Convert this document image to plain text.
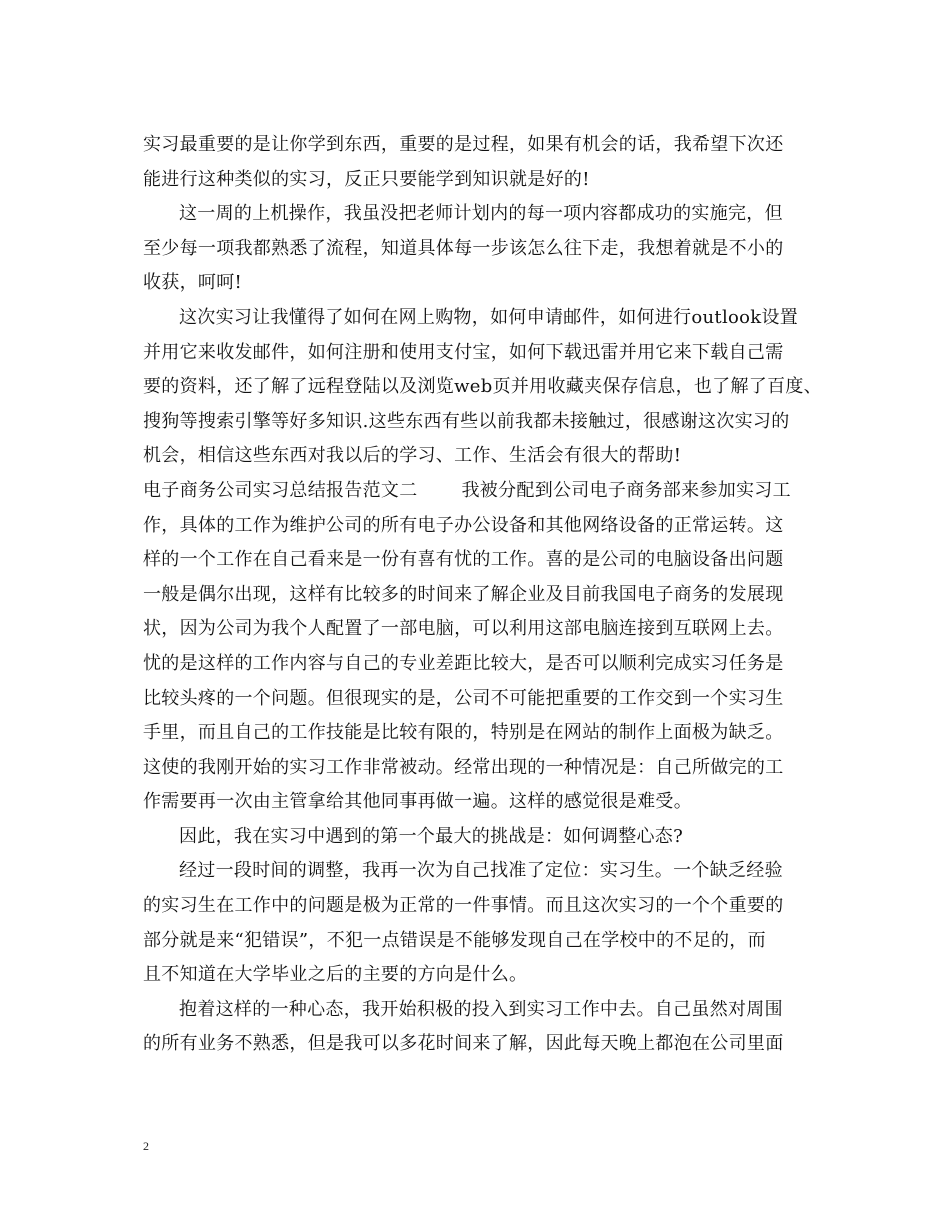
实习最重要的是让你学到东西，重要的是过程，如果有机会的话，我希望下次还
能进行这种类似的实习，反正只要能学到知识就是好的!
这一周的上机操作，我虽没把老师计划内的每一项内容都成功的实施完，但
至少每一项我都熟悉了流程，知道具体每一步该怎么往下走，我想着就是不小的
收获，呵呵!
这次实习让我懂得了如何在网上购物，如何申请邮件，如何进行outlook设置
并用它来收发邮件，如何注册和使用支付宝，如何下载迅雷并用它来下载自己需
要的资料，还了解了远程登陆以及浏览web页并用收藏夹保存信息，也了解了百度、
搜狗等搜索引擎等好多知识.这些东西有些以前我都未接触过，很感谢这次实习的
机会，相信这些东西对我以后的学习、工作、生活会有很大的帮助!
电子商务公司实习总结报告范文二 我被分配到公司电子商务部来参加实习工
作，具体的工作为维护公司的所有电子办公设备和其他网络设备的正常运转。这
样的一个工作在自己看来是一份有喜有忧的工作。喜的是公司的电脑设备出问题
一般是偶尔出现，这样有比较多的时间来了解企业及目前我国电子商务的发展现
状，因为公司为我个人配置了一部电脑，可以利用这部电脑连接到互联网上去。
忧的是这样的工作内容与自己的专业差距比较大，是否可以顺利完成实习任务是
比较头疼的一个问题。但很现实的是，公司不可能把重要的工作交到一个实习生
手里，而且自己的工作技能是比较有限的，特别是在网站的制作上面极为缺乏。
这使的我刚开始的实习工作非常被动。经常出现的一种情况是：自己所做完的工
作需要再一次由主管拿给其他同事再做一遍。这样的感觉很是难受。
因此，我在实习中遇到的第一个最大的挑战是：如何调整心态?
经过一段时间的调整，我再一次为自己找准了定位：实习生。一个缺乏经验
的实习生在工作中的问题是极为正常的一件事情。而且这次实习的一个个重要的
部分就是来“犯错误”，不犯一点错误是不能够发现自己在学校中的不足的，而
且不知道在大学毕业之后的主要的方向是什么。
抱着这样的一种心态，我开始积极的投入到实习工作中去。自己虽然对周围
的所有业务不熟悉，但是我可以多花时间来了解，因此每天晚上都泡在公司里面
2
